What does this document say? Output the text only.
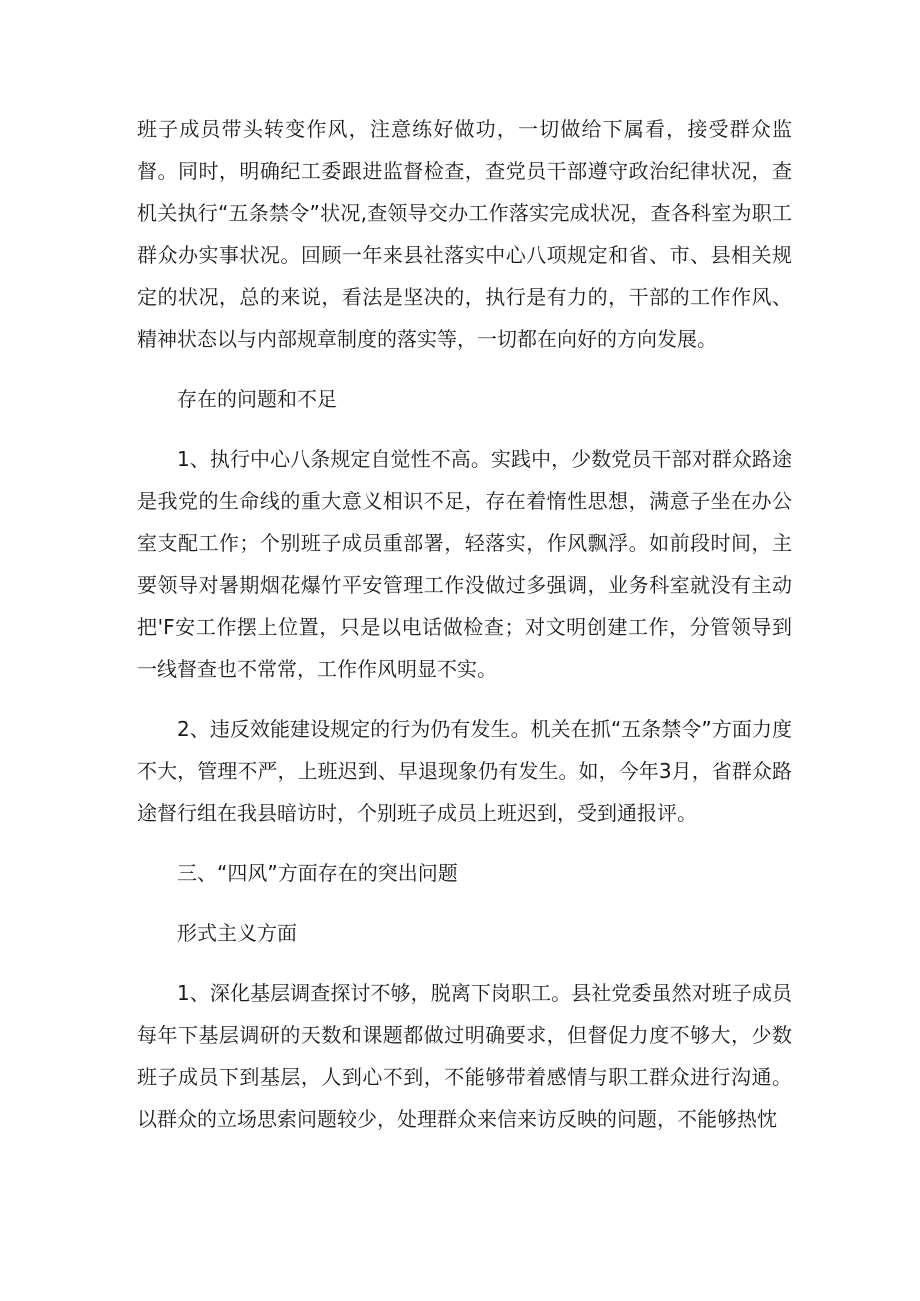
班子成员带头转变作风，注意练好做功，一切做给下属看，接受群众监督。同时，明确纪工委跟进监督检查，查党员干部遵守政治纪律状况，查机关执行“五条禁令”状况,查领导交办工作落实完成状况，查各科室为职工群众办实事状况。回顾一年来县社落实中心八项规定和省、市、县相关规定的状况，总的来说，看法是坚决的，执行是有力的，干部的工作作风、精神状态以与内部规章制度的落实等，一切都在向好的方向发展。

存在的问题和不足

1、执行中心八条规定自觉性不高。实践中，少数党员干部对群众路途是我党的生命线的重大意义相识不足，存在着惰性思想，满意子坐在办公室支配工作；个别班子成员重部署，轻落实，作风飘浮。如前段时间，主要领导对暑期烟花爆竹平安管理工作没做过多强调，业务科室就没有主动把'F安工作摆上位置，只是以电话做检查；对文明创建工作，分管领导到一线督查也不常常，工作作风明显不实。

2、违反效能建设规定的行为仍有发生。机关在抓“五条禁令”方面力度不大，管理不严，上班迟到、早退现象仍有发生。如，今年3月，省群众路途督行组在我县暗访时，个别班子成员上班迟到，受到通报评。

三、“四风”方面存在的突出问题

形式主义方面

1、深化基层调查探讨不够，脱离下岗职工。县社党委虽然对班子成员每年下基层调研的天数和课题都做过明确要求，但督促力度不够大，少数班子成员下到基层，人到心不到，不能够带着感情与职工群众进行沟通。以群众的立场思索问题较少，处理群众来信来访反映的问题，不能够热忱
